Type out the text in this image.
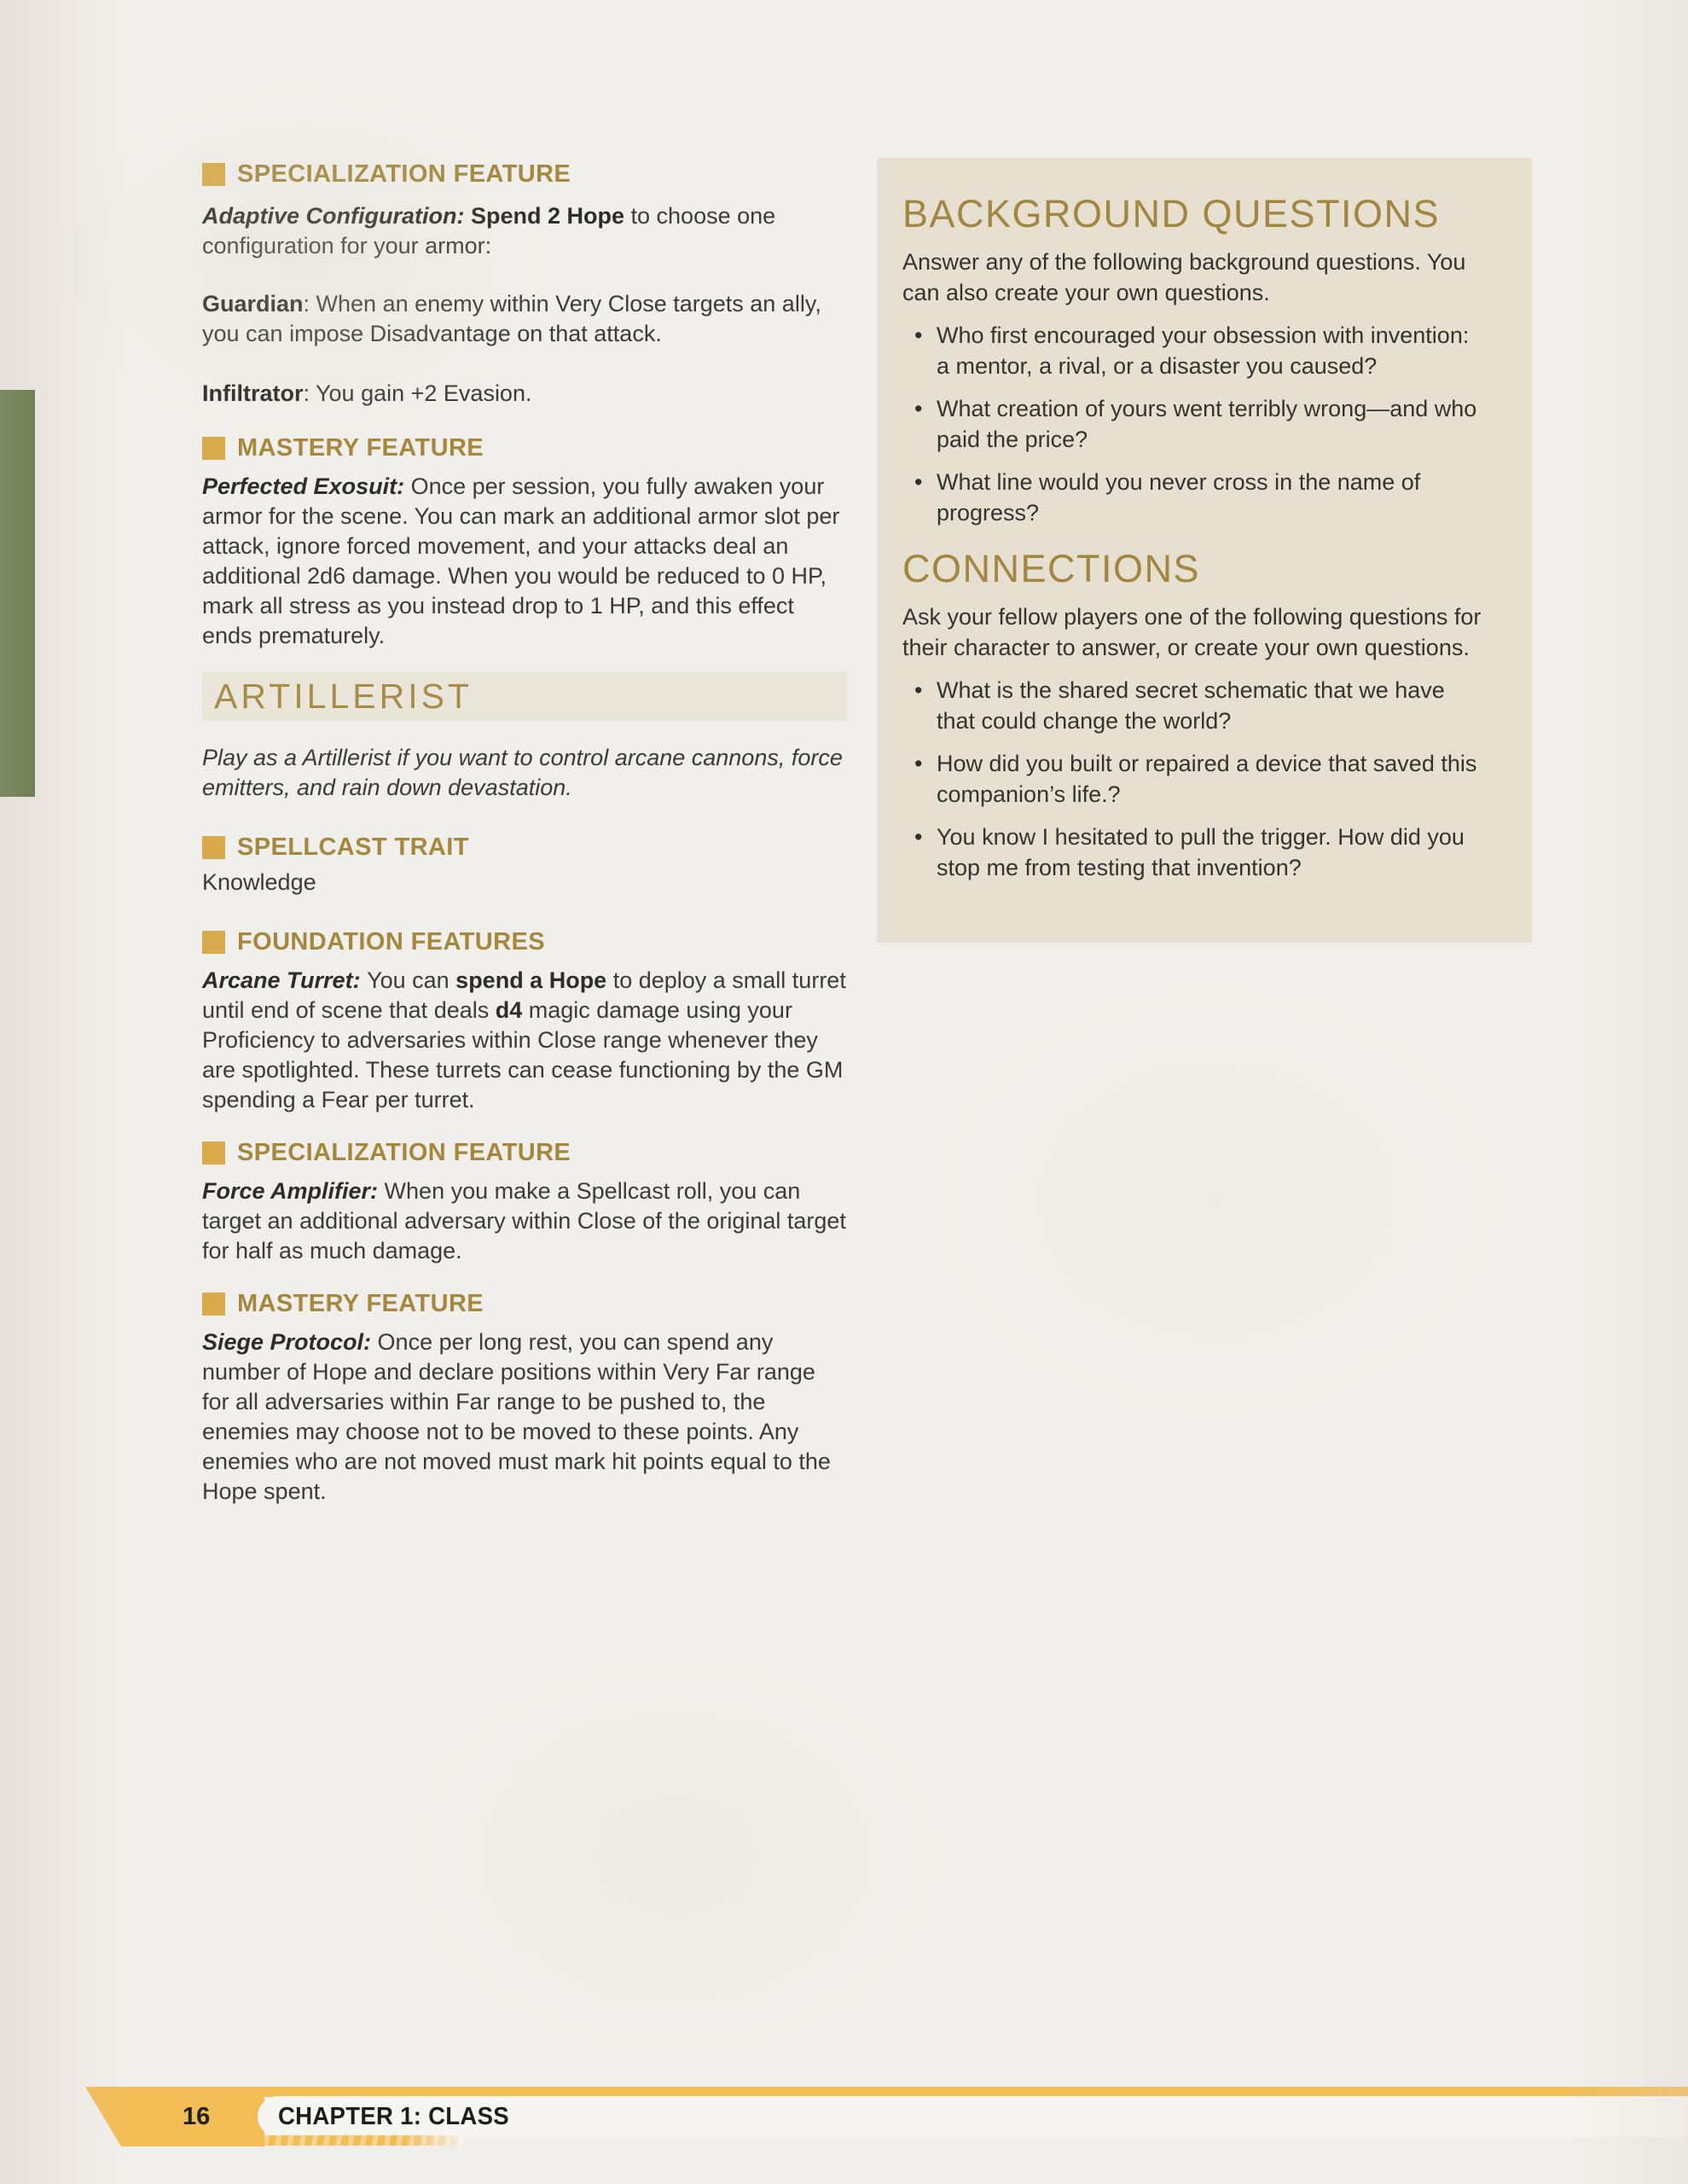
SPECIALIZATION FEATURE

Adaptive Configuration: Spend 2 Hope to choose one configuration for your armor:

Guardian: When an enemy within Very Close targets an ally, you can impose Disadvantage on that attack.

Infiltrator: You gain +2 Evasion.

MASTERY FEATURE

Perfected Exosuit: Once per session, you fully awaken your armor for the scene. You can mark an additional armor slot per attack, ignore forced movement, and your attacks deal an additional 2d6 damage. When you would be reduced to 0 HP, mark all stress as you instead drop to 1 HP, and this effect ends prematurely.

ARTILLERIST

Play as a Artillerist if you want to control arcane cannons, force emitters, and rain down devastation.

SPELLCAST TRAIT

Knowledge

FOUNDATION FEATURES

Arcane Turret: You can spend a Hope to deploy a small turret until end of scene that deals d4 magic damage using your Proficiency to adversaries within Close range whenever they are spotlighted. These turrets can cease functioning by the GM spending a Fear per turret.

SPECIALIZATION FEATURE

Force Amplifier: When you make a Spellcast roll, you can target an additional adversary within Close of the original target for half as much damage.

MASTERY FEATURE

Siege Protocol: Once per long rest, you can spend any number of Hope and declare positions within Very Far range for all adversaries within Far range to be pushed to, the enemies may choose not to be moved to these points. Any enemies who are not moved must mark hit points equal to the Hope spent.

BACKGROUND QUESTIONS

Answer any of the following background questions. You can also create your own questions.

• Who first encouraged your obsession with invention: a mentor, a rival, or a disaster you caused?
• What creation of yours went terribly wrong—and who paid the price?
• What line would you never cross in the name of progress?
CONNECTIONS

Ask your fellow players one of the following questions for their character to answer, or create your own questions.

• What is the shared secret schematic that we have that could change the world?
• How did you built or repaired a device that saved this companion’s life.?
• You know I hesitated to pull the trigger. How did you stop me from testing that invention?
CHAPTER 1: CLASS
16
